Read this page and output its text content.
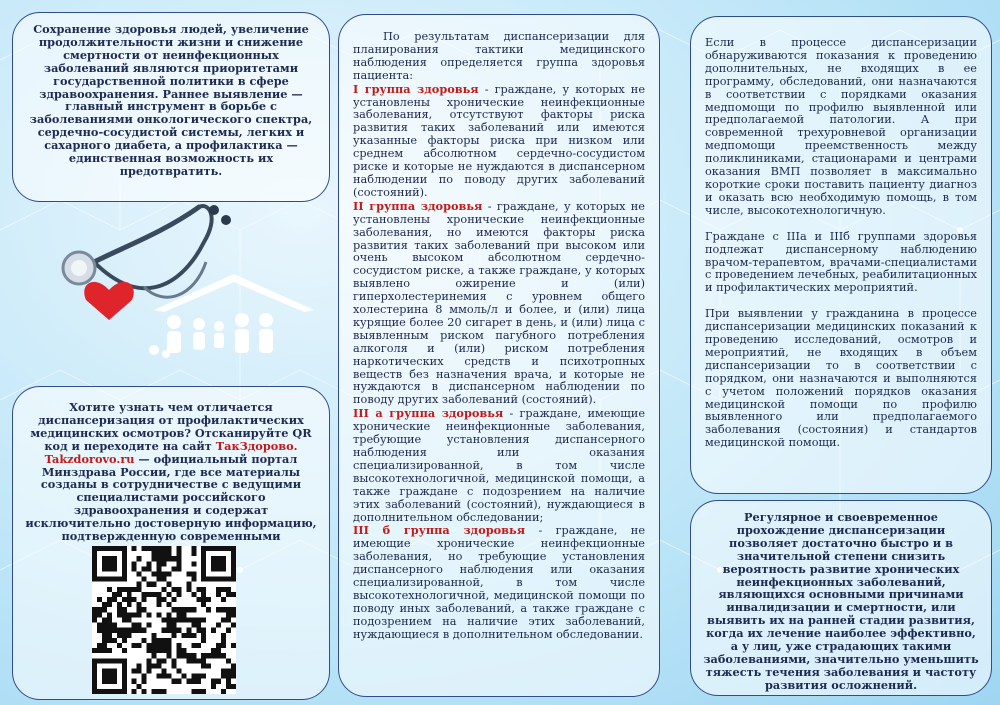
Сохранение здоровья людей, увеличение продолжительности жизни и снижение смертности от неинфекционных заболеваний являются приоритетами государственной политики в сфере здравоохранения. Раннее выявление — главный инструмент в борьбе с заболеваниями онкологического спектра, сердечно-сосудистой системы, легких и сахарного диабета, а профилактика — единственная возможность их предотвратить.
Хотите узнать чем отличается диспансеризация от профилактических медицинских осмотров? Отсканируйте QR код и переходите на сайт ТакЗдорово. Takzdorovo.ru — официальный портал Минздрава России, где все материалы созданы в сотрудничестве с ведущими специалистами российского здравоохранения и содержат исключительно достоверную информацию, подтвержденную современными
По результатам диспансеризации для планирования тактики медицинского наблюдения определяется группа здоровья пациента:
I группа здоровья - граждане, у которых не установлены хронические неинфекционные заболевания, отсутствуют факторы риска развития таких заболеваний или имеются указанные факторы риска при низком или среднем абсолютном сердечно-сосудистом риске и которые не нуждаются в диспансерном наблюдении по поводу других заболеваний (состояний).
II группа здоровья - граждане, у которых не установлены хронические неинфекционные заболевания, но имеются факторы риска развития таких заболеваний при высоком или очень высоком абсолютном сердечно-сосудистом риске, а также граждане, у которых выявлено ожирение и (или) гиперхолестеринемия с уровнем общего холестерина 8 ммоль/л и более, и (или) лица курящие более 20 сигарет в день, и (или) лица с выявленным риском пагубного потребления алкоголя и (или) риском потребления наркотических средств и психотропных веществ без назначения врача, и которые не нуждаются в диспансерном наблюдении по поводу других заболеваний (состояний).
III а группа здоровья - граждане, имеющие хронические неинфекционные заболевания, требующие установления диспансерного наблюдения или оказания специализированной, в том числе высокотехнологичной, медицинской помощи, а также граждане с подозрением на наличие этих заболеваний (состояний), нуждающиеся в дополнительном обследовании;
III б группа здоровья - граждане, не имеющие хронические неинфекционные заболевания, но требующие установления диспансерного наблюдения или оказания специализированной, в том числе высокотехнологичной, медицинской помощи по поводу иных заболеваний, а также граждане с подозрением на наличие этих заболеваний, нуждающиеся в дополнительном обследовании.
Если в процессе диспансеризации обнаруживаются показания к проведению дополнительных, не входящих в ее программу, обследований, они назначаются в соответствии с порядками оказания медпомощи по профилю выявленной или предполагаемой патологии. А при современной трехуровневой организации медпомощи преемственность между поликлиниками, стационарами и центрами оказания ВМП позволяет в максимально короткие сроки поставить пациенту диагноз и оказать всю необходимую помощь, в том числе, высокотехнологичную.
Граждане с IIIа и IIIб группами здоровья подлежат диспансерному наблюдению врачом-терапевтом, врачами-специалистами с проведением лечебных, реабилитационных и профилактических мероприятий.
При выявлении у гражданина в процессе диспансеризации медицинских показаний к проведению исследований, осмотров и мероприятий, не входящих в объем диспансеризации то в соответствии с порядком, они назначаются и выполняются с учетом положений порядков оказания медицинской помощи по профилю выявленного или предполагаемого заболевания (состояния) и стандартов медицинской помощи.
Регулярное и своевременное прохождение диспансеризации позволяет достаточно быстро и в значительной степени снизить вероятность развитие хронических неинфекционных заболеваний, являющихся основными причинами инвалидизации и смертности, или выявить их на ранней стадии развития, когда их лечение наиболее эффективно, а у лиц, уже страдающих такими заболеваниями, значительно уменьшить тяжесть течения заболевания и частоту развития осложнений.
